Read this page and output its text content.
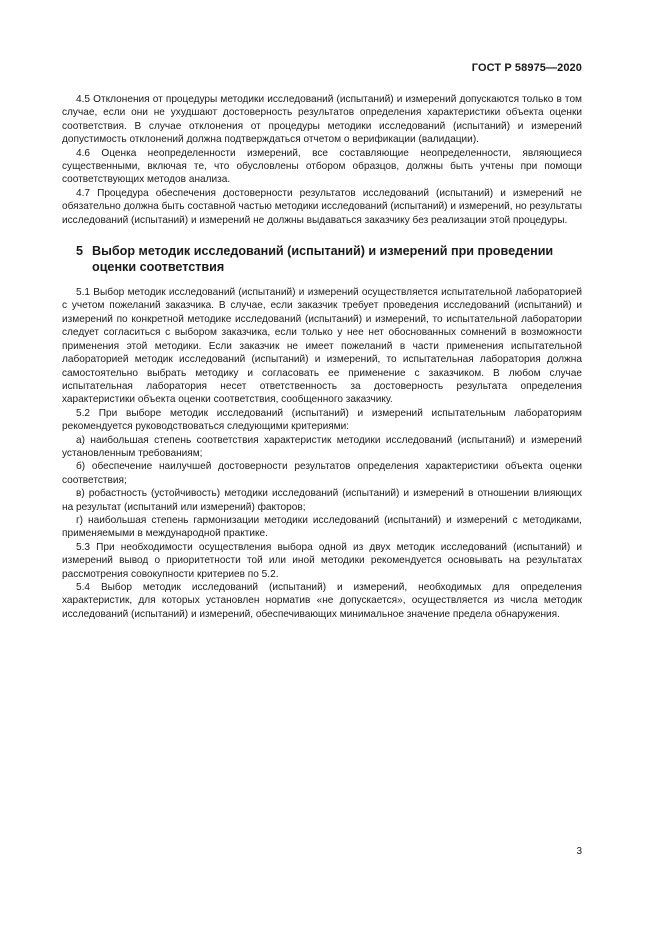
ГОСТ Р 58975—2020

4.5 Отклонения от процедуры методики исследований (испытаний) и измерений допускаются только в том случае, если они не ухудшают достоверность результатов определения характеристики объекта оценки соответствия. В случае отклонения от процедуры методики исследований (испытаний) и измерений допустимость отклонений должна подтверждаться отчетом о верификации (валидации).

4.6 Оценка неопределенности измерений, все составляющие неопределенности, являющиеся существенными, включая те, что обусловлены отбором образцов, должны быть учтены при помощи соответствующих методов анализа.

4.7 Процедура обеспечения достоверности результатов исследований (испытаний) и измерений не обязательно должна быть составной частью методики исследований (испытаний) и измерений, но результаты исследований (испытаний) и измерений не должны выдаваться заказчику без реализации этой процедуры.

5 Выбор методик исследований (испытаний) и измерений при проведении оценки соответствия

5.1 Выбор методик исследований (испытаний) и измерений осуществляется испытательной лабораторией с учетом пожеланий заказчика. В случае, если заказчик требует проведения исследований (испытаний) и измерений по конкретной методике исследований (испытаний) и измерений, то испытательной лаборатории следует согласиться с выбором заказчика, если только у нее нет обоснованных сомнений в возможности применения этой методики. Если заказчик не имеет пожеланий в части применения испытательной лабораторией методик исследований (испытаний) и измерений, то испытательная лаборатория должна самостоятельно выбрать методику и согласовать ее применение с заказчиком. В любом случае испытательная лаборатория несет ответственность за достоверность результата определения характеристики объекта оценки соответствия, сообщенного заказчику.

5.2 При выборе методик исследований (испытаний) и измерений испытательным лабораториям рекомендуется руководствоваться следующими критериями:

а) наибольшая степень соответствия характеристик методики исследований (испытаний) и измерений установленным требованиям;

б) обеспечение наилучшей достоверности результатов определения характеристики объекта оценки соответствия;

в) робастность (устойчивость) методики исследований (испытаний) и измерений в отношении влияющих на результат (испытаний или измерений) факторов;

г) наибольшая степень гармонизации методики исследований (испытаний) и измерений с методиками, применяемыми в международной практике.

5.3 При необходимости осуществления выбора одной из двух методик исследований (испытаний) и измерений вывод о приоритетности той или иной методики рекомендуется основывать на результатах рассмотрения совокупности критериев по 5.2.

5.4 Выбор методик исследований (испытаний) и измерений, необходимых для определения характеристик, для которых установлен норматив «не допускается», осуществляется из числа методик исследований (испытаний) и измерений, обеспечивающих минимальное значение предела обнаружения.

3
